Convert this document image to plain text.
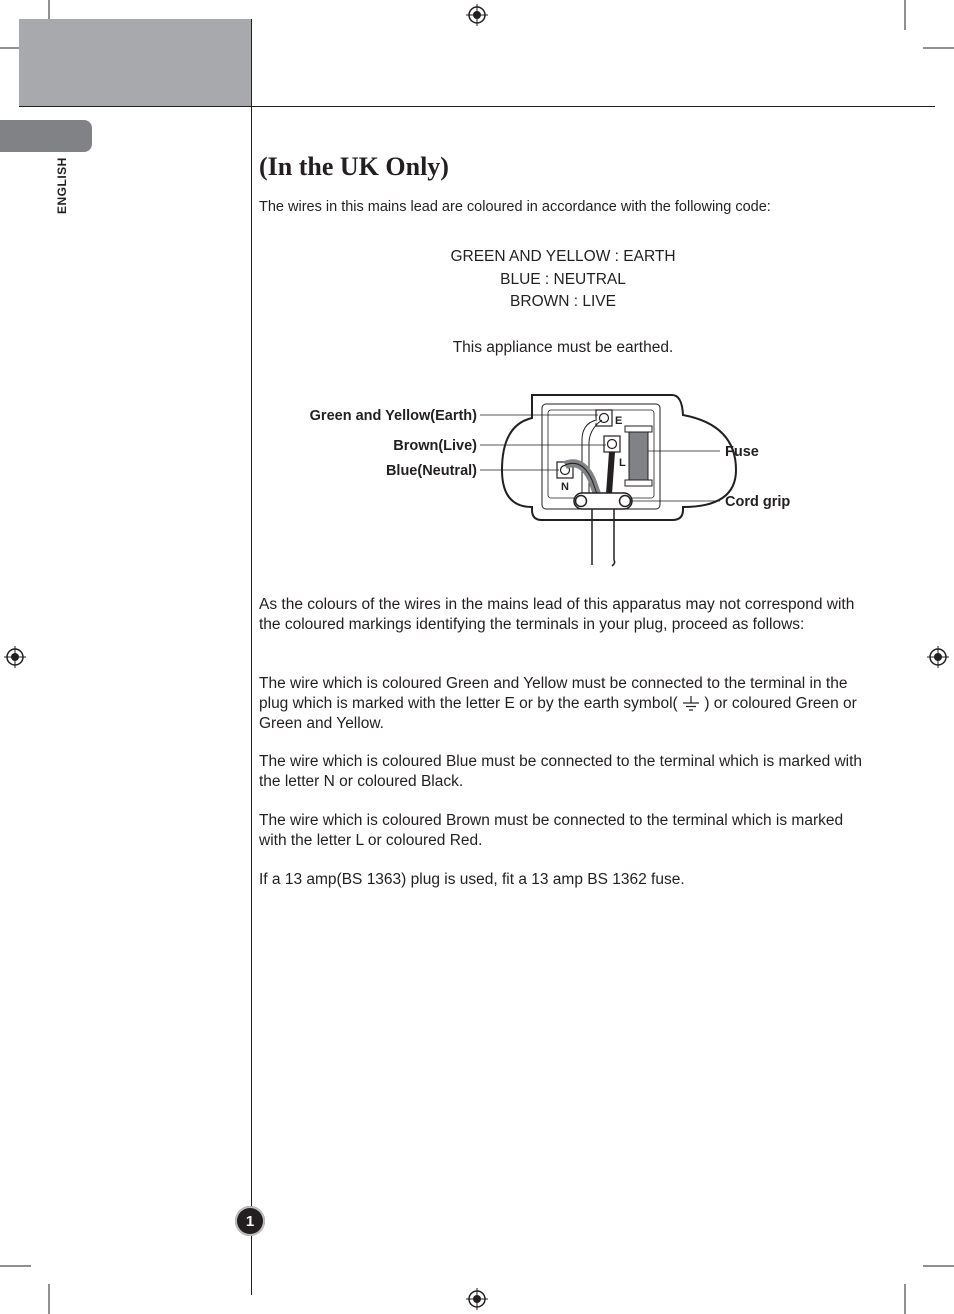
ENGLISH	(In the UK Only)
The wires in this mains lead are coloured in accordance with the following code:
GREEN AND YELLOW : EARTH
BLUE : NEUTRAL
BROWN : LIVE
This appliance must be earthed.
E
L
N
Green and Yellow(Earth)
Brown(Live)
Blue(Neutral)
Fuse
Cord grip
As the colours of the wires in the mains lead of this apparatus may not correspond with the coloured markings identifying the terminals in your plug, proceed as follows:
The wire which is coloured Green and Yellow must be connected to the terminal in the plug which is marked with the letter E or by the earth symbol( ) or coloured Green or Green and Yellow.
The wire which is coloured Blue must be connected to the terminal which is marked with the letter N or coloured Black.
The wire which is coloured Brown must be connected to the terminal which is marked with the letter L or coloured Red.
If a 13 amp(BS 1363) plug is used, fit a 13 amp BS 1362 fuse.
1
